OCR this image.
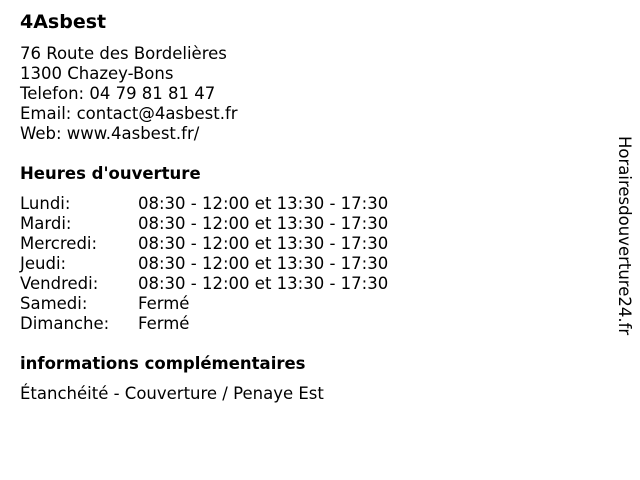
4Asbest
76 Route des Bordelières
1300 Chazey-Bons
Telefon: 04 79 81 81 47
Email: contact@4asbest.fr
Web: www.4asbest.fr/
Heures d'ouverture
Lundi:	08:30 - 12:00 et 13:30 - 17:30
Mardi:	08:30 - 12:00 et 13:30 - 17:30
Mercredi: 08:30 - 12:00 et 13:30 - 17:30
Jeudi:	08:30 - 12:00 et 13:30 - 17:30
Vendredi: 08:30 - 12:00 et 13:30 - 17:30
Samedi:	Fermé
Dimanche: Fermé
informations complémentaires
Étanchéité - Couverture / Penaye Est
Horairesdouverture24.fr
